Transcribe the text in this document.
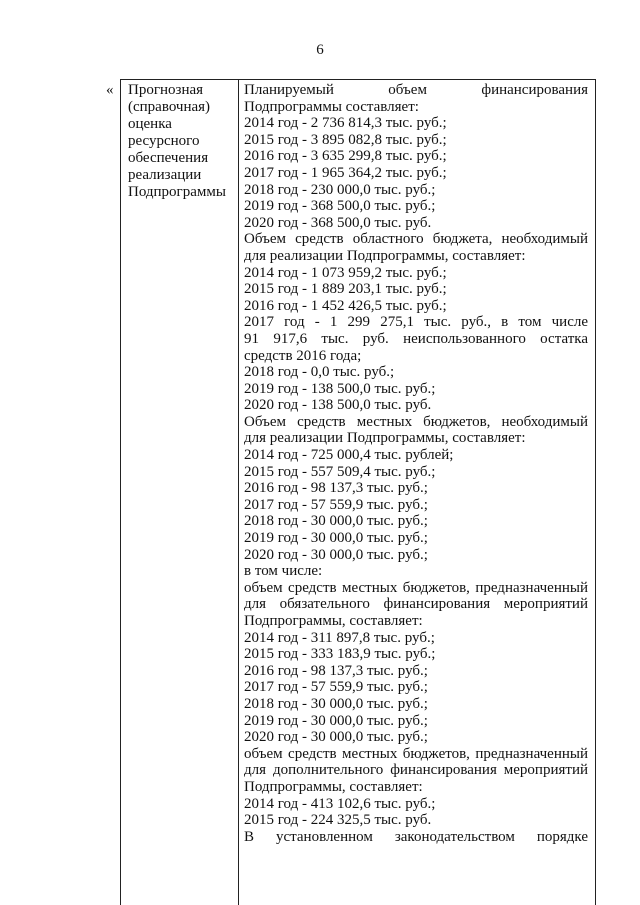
6
« Прогнозная
(справочная)
оценка
ресурсного
обеспечения
реализации
Подпрограммы
Планируемый объем финансирования
Подпрограммы составляет:
2014 год - 2 736 814,3 тыс. руб.;
2015 год - 3 895 082,8 тыс. руб.;
2016 год - 3 635 299,8 тыс. руб.;
2017 год - 1 965 364,2 тыс. руб.;
2018 год - 230 000,0 тыс. руб.;
2019 год - 368 500,0 тыс. руб.;
2020 год - 368 500,0 тыс. руб.
Объем средств областного бюджета, необходимый
для реализации Подпрограммы, составляет:
2014 год - 1 073 959,2 тыс. руб.;
2015 год - 1 889 203,1 тыс. руб.;
2016 год - 1 452 426,5 тыс. руб.;
2017 год - 1 299 275,1 тыс. руб., в том числе
91 917,6 тыс. руб. неиспользованного остатка
средств 2016 года;
2018 год - 0,0 тыс. руб.;
2019 год - 138 500,0 тыс. руб.;
2020 год - 138 500,0 тыс. руб.
Объем средств местных бюджетов, необходимый
для реализации Подпрограммы, составляет:
2014 год - 725 000,4 тыс. рублей;
2015 год - 557 509,4 тыс. руб.;
2016 год - 98 137,3 тыс. руб.;
2017 год - 57 559,9 тыс. руб.;
2018 год - 30 000,0 тыс. руб.;
2019 год - 30 000,0 тыс. руб.;
2020 год - 30 000,0 тыс. руб.;
в том числе:
объем средств местных бюджетов, предназначенный
для обязательного финансирования мероприятий
Подпрограммы, составляет:
2014 год - 311 897,8 тыс. руб.;
2015 год - 333 183,9 тыс. руб.;
2016 год - 98 137,3 тыс. руб.;
2017 год - 57 559,9 тыс. руб.;
2018 год - 30 000,0 тыс. руб.;
2019 год - 30 000,0 тыс. руб.;
2020 год - 30 000,0 тыс. руб.;
объем средств местных бюджетов, предназначенный
для дополнительного финансирования мероприятий
Подпрограммы, составляет:
2014 год - 413 102,6 тыс. руб.;
2015 год - 224 325,5 тыс. руб.
В установленном законодательством порядке
